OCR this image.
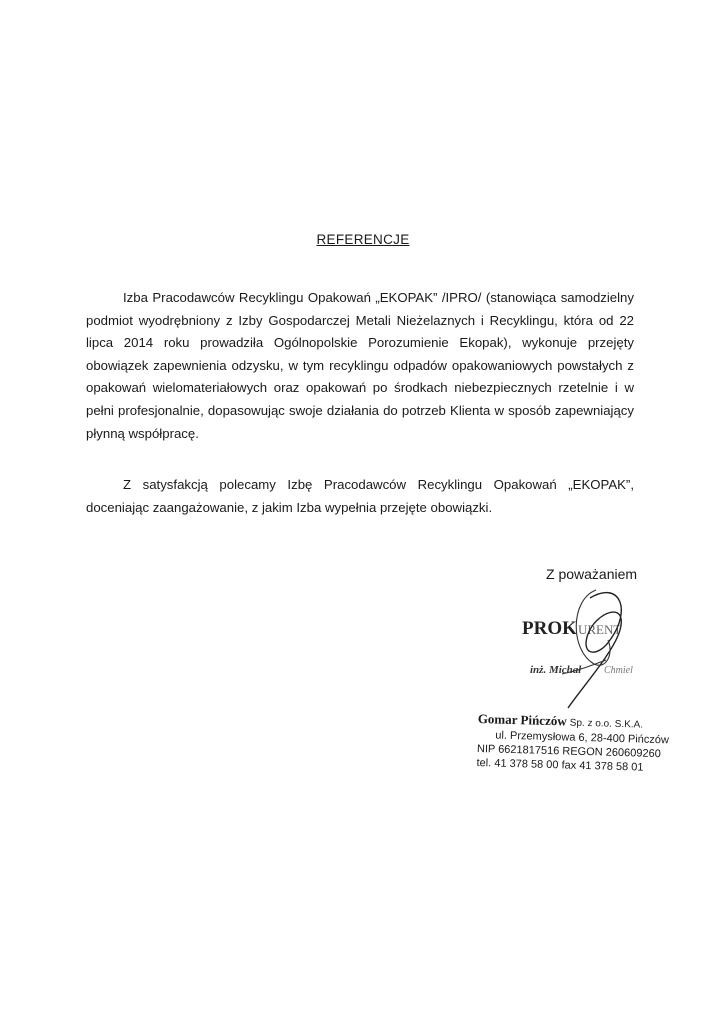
REFERENCJE

Izba Pracodawców Recyklingu Opakowań „EKOPAK” /IPRO/ (stanowiąca samodzielny podmiot wyodrębniony z Izby Gospodarczej Metali Nieżelaznych i Recyklingu, która od 22 lipca 2014 roku prowadziła Ogólnopolskie Porozumienie Ekopak), wykonuje przejęty obowiązek zapewnienia odzysku, w tym recyklingu odpadów opakowaniowych powstałych z opakowań wielomateriałowych oraz opakowań po środkach niebezpiecznych rzetelnie i w pełni profesjonalnie, dopasowując swoje działania do potrzeb Klienta w sposób zapewniający płynną współpracę.

Z satysfakcją polecamy Izbę Pracodawców Recyklingu Opakowań „EKOPAK”, doceniając zaangażowanie, z jakim Izba wypełnia przejęte obowiązki.

Z poważaniem
PROK URENT
inż. Michał Chmiel
Gomar Pińczów Sp. z o.o. S.K.A.
ul. Przemysłowa 6, 28-400 Pińczów
NIP 6621817516 REGON 260609260
tel. 41 378 58 00 fax 41 378 58 01
